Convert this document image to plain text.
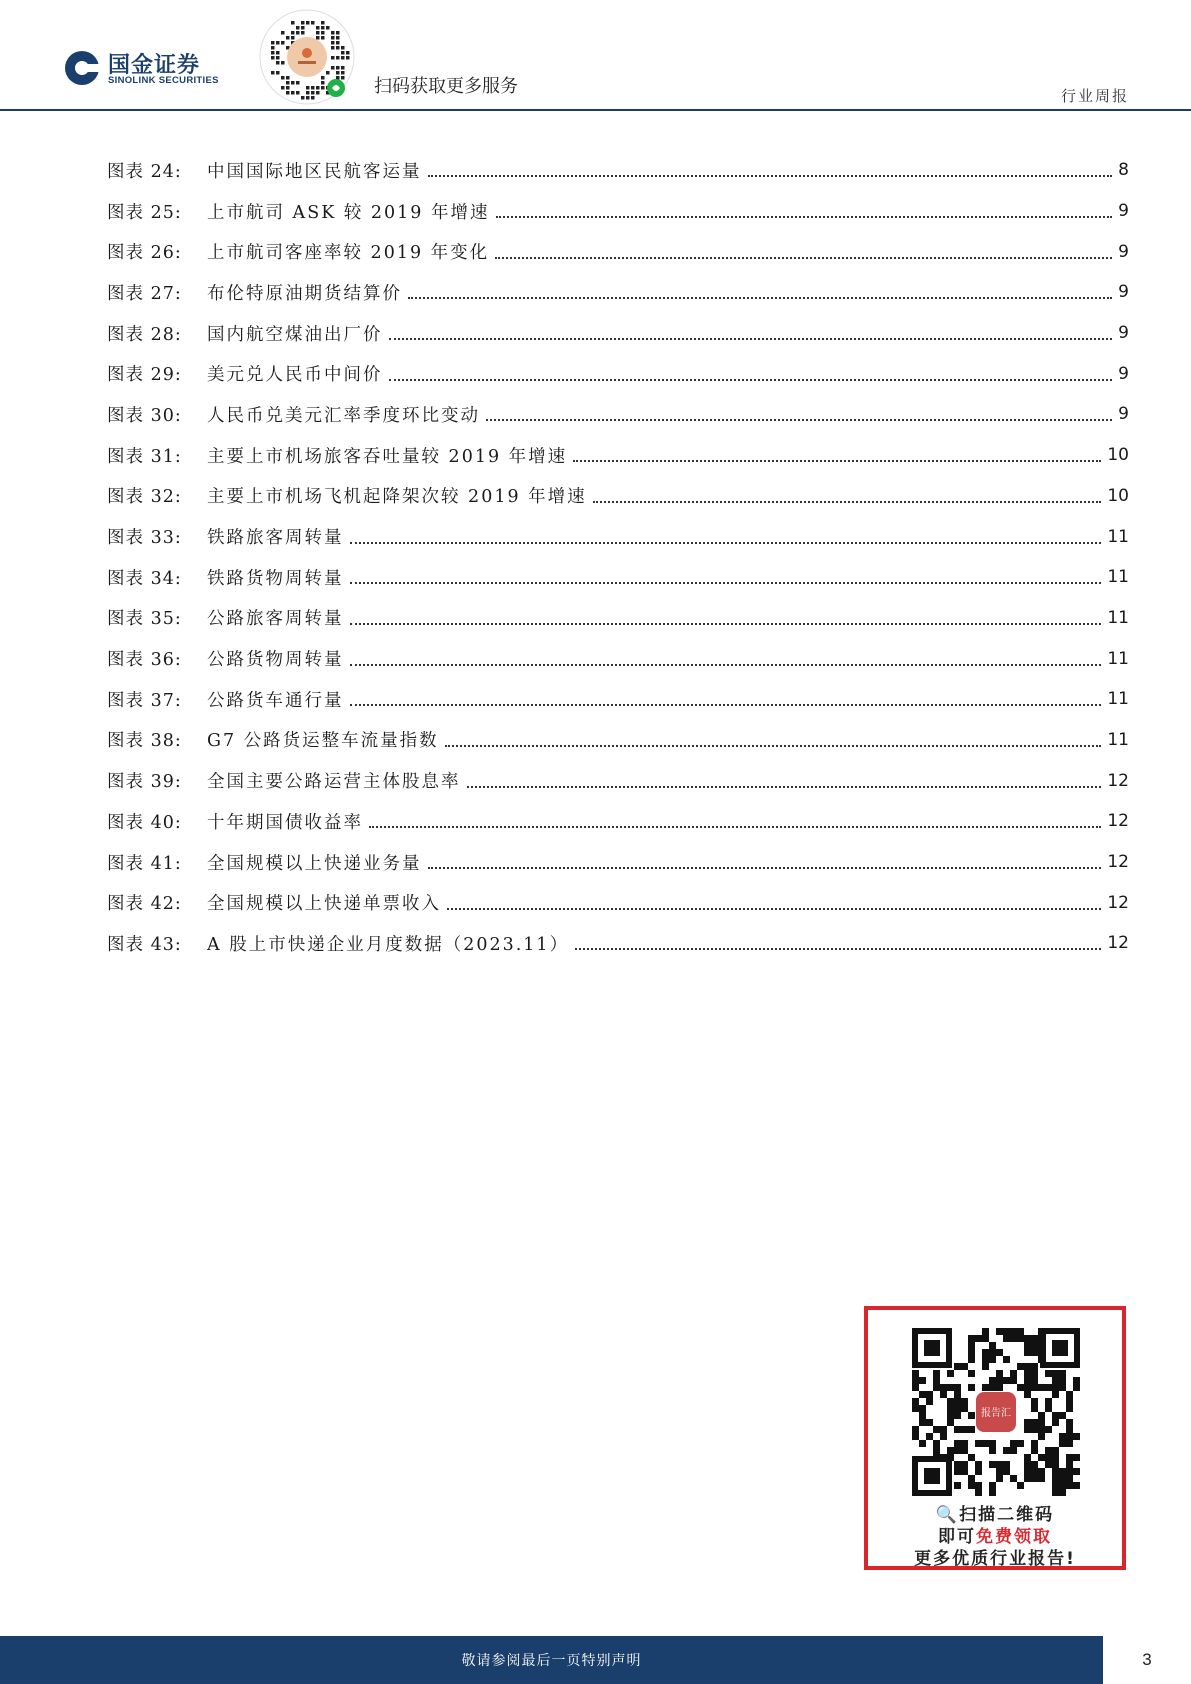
国金证券
SINOLINK SECURITIES	扫码获取更多服务	行业周报
图表 24:	中国国际地区民航客运量	8
图表 25:	上市航司 ASK 较 2019 年增速	9
图表 26:	上市航司客座率较 2019 年变化	9
图表 27:	布伦特原油期货结算价	9
图表 28:	国内航空煤油出厂价	9
图表 29:	美元兑人民币中间价	9
图表 30:	人民币兑美元汇率季度环比变动	9
图表 31:	主要上市机场旅客吞吐量较 2019 年增速	10
图表 32:	主要上市机场飞机起降架次较 2019 年增速	10
图表 33:	铁路旅客周转量	11
图表 34:	铁路货物周转量	11
图表 35:	公路旅客周转量	11
图表 36:	公路货物周转量	11
图表 37:	公路货车通行量	11
图表 38:	G7 公路货运整车流量指数	11
图表 39:	全国主要公路运营主体股息率	12
图表 40:	十年期国债收益率	12
图表 41:	全国规模以上快递业务量	12
图表 42:	全国规模以上快递单票收入	12
图表 43:	A 股上市快递企业月度数据（2023.11）	12
报告汇
🔍扫描二维码
即可免费领取
更多优质行业报告!
敬请参阅最后一页特别声明	3
